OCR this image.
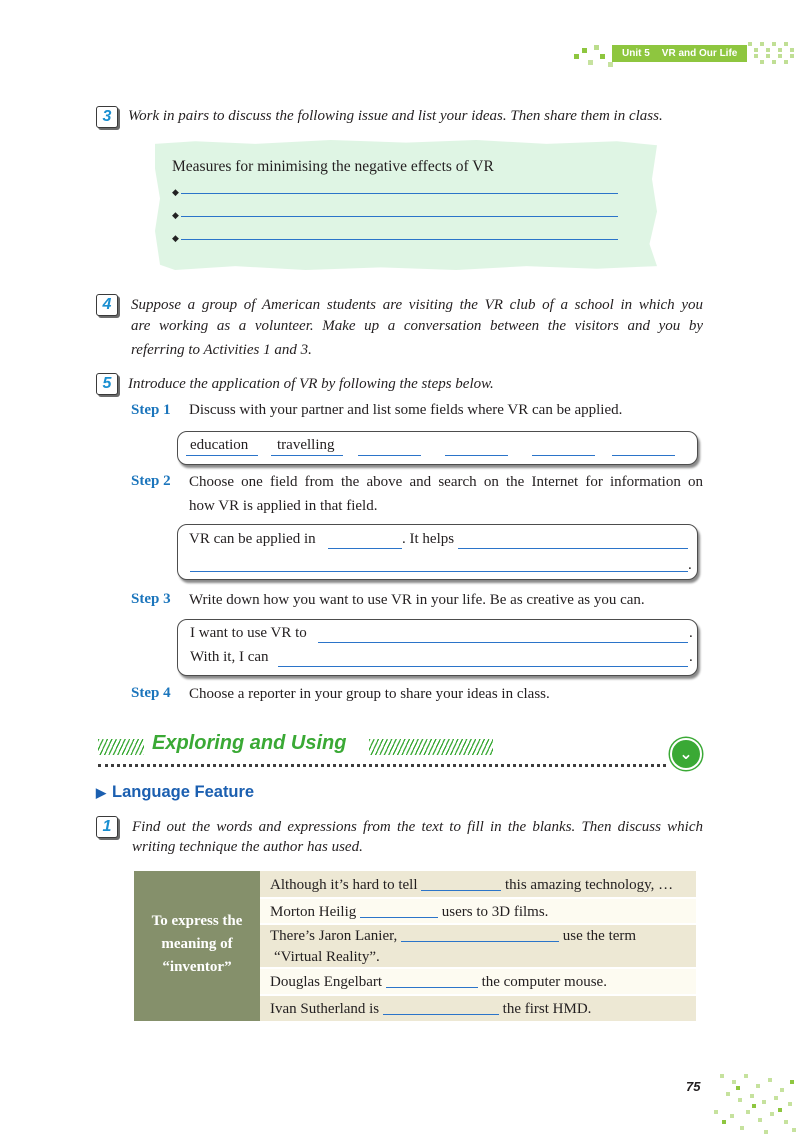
Unit 5 VR and Our Life
3	Work in pairs to discuss the following issue and list your ideas. Then share them in class.
Measures for minimising the negative effects of VR
◆
◆
◆
4	Suppose a group of American students are visiting the VR club of a school in which you
are working as a volunteer. Make up a conversation between the visitors and you by
referring to Activities 1 and 3.
5	Introduce the application of VR by following the steps below.
Step 1 Discuss with your partner and list some fields where VR can be applied.
education travelling
Step 2 Choose one field from the above and search on the Internet for information on
how VR is applied in that field.
VR can be applied in	. It helps
.
Step 3 Write down how you want to use VR in your life. Be as creative as you can.
I want to use VR to	.
With it, I can	.
Step 4 Choose a reporter in your group to share your ideas in class.
Exploring and Using	⌄
▶ Language Feature
1	Find out the words and expressions from the text to fill in the blanks. Then discuss which
writing technique the author has used.
To express the
meaning of
“inventor”
Although it’s hard to tell	this amazing technology, …
Morton Heilig	users to 3D films.
There’s Jaron Lanier,	use the term
“Virtual Reality”.
Douglas Engelbart	the computer mouse.
Ivan Sutherland is	the first HMD.
75
